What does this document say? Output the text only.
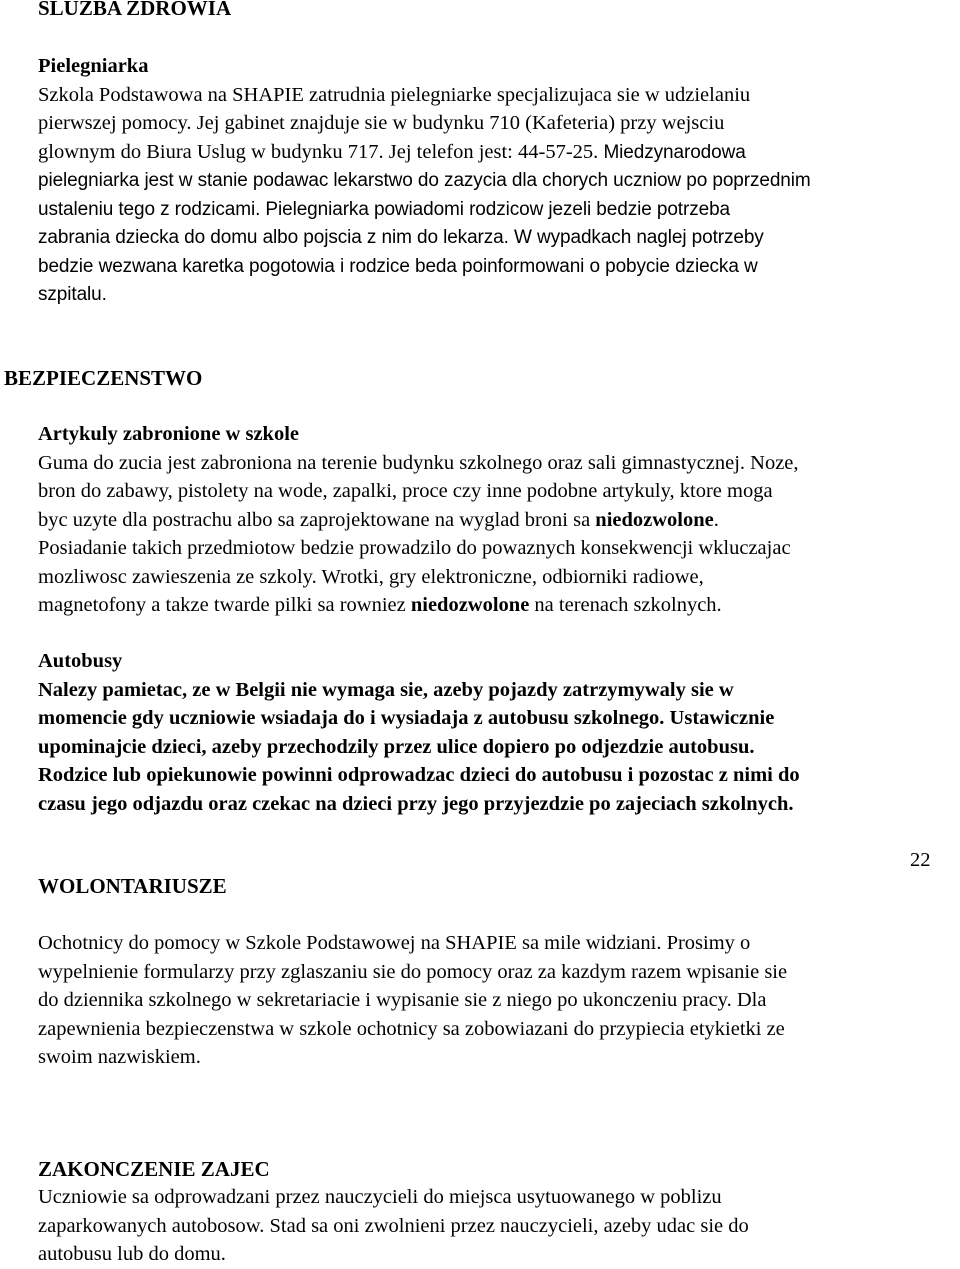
SLUZBA ZDROWIA
Pielegniarka
Szkola Podstawowa na SHAPIE zatrudnia pielegniarke specjalizujaca sie w udzielaniu
pierwszej pomocy. Jej gabinet znajduje sie w budynku 710 (Kafeteria) przy wejsciu
glownym do Biura Uslug w budynku 717. Jej telefon jest: 44-57-25. Miedzynarodowa
pielegniarka jest w stanie podawac lekarstwo do zazycia dla chorych uczniow po poprzednim
ustaleniu tego z rodzicami. Pielegniarka powiadomi rodzicow jezeli bedzie potrzeba
zabrania dziecka do domu albo pojscia z nim do lekarza. W wypadkach naglej potrzeby
bedzie wezwana karetka pogotowia i rodzice beda poinformowani o pobycie dziecka w
szpitalu.
BEZPIECZENSTWO
Artykuly zabronione w szkole
Guma do zucia jest zabroniona na terenie budynku szkolnego oraz sali gimnastycznej. Noze,
bron do zabawy, pistolety na wode, zapalki, proce czy inne podobne artykuly, ktore moga
byc uzyte dla postrachu albo sa zaprojektowane na wyglad broni sa niedozwolone.
Posiadanie takich przedmiotow bedzie prowadzilo do powaznych konsekwencji wkluczajac
mozliwosc zawieszenia ze szkoly. Wrotki, gry elektroniczne, odbiorniki radiowe,
magnetofony a takze twarde pilki sa rowniez niedozwolone na terenach szkolnych.
Autobusy
Nalezy pamietac, ze w Belgii nie wymaga sie, azeby pojazdy zatrzymywaly sie w
momencie gdy uczniowie wsiadaja do i wysiadaja z autobusu szkolnego. Ustawicznie
upominajcie dzieci, azeby przechodzily przez ulice dopiero po odjezdzie autobusu.
Rodzice lub opiekunowie powinni odprowadzac dzieci do autobusu i pozostac z nimi do
czasu jego odjazdu oraz czekac na dzieci przy jego przyjezdzie po zajeciach szkolnych.
22
WOLONTARIUSZE
Ochotnicy do pomocy w Szkole Podstawowej na SHAPIE sa mile widziani. Prosimy o
wypelnienie formularzy przy zglaszaniu sie do pomocy oraz za kazdym razem wpisanie sie
do dziennika szkolnego w sekretariacie i wypisanie sie z niego po ukonczeniu pracy. Dla
zapewnienia bezpieczenstwa w szkole ochotnicy sa zobowiazani do przypiecia etykietki ze
swoim nazwiskiem.
ZAKONCZENIE ZAJEC
Uczniowie sa odprowadzani przez nauczycieli do miejsca usytuowanego w poblizu
zaparkowanych autobosow. Stad sa oni zwolnieni przez nauczycieli, azeby udac sie do
autobusu lub do domu.
